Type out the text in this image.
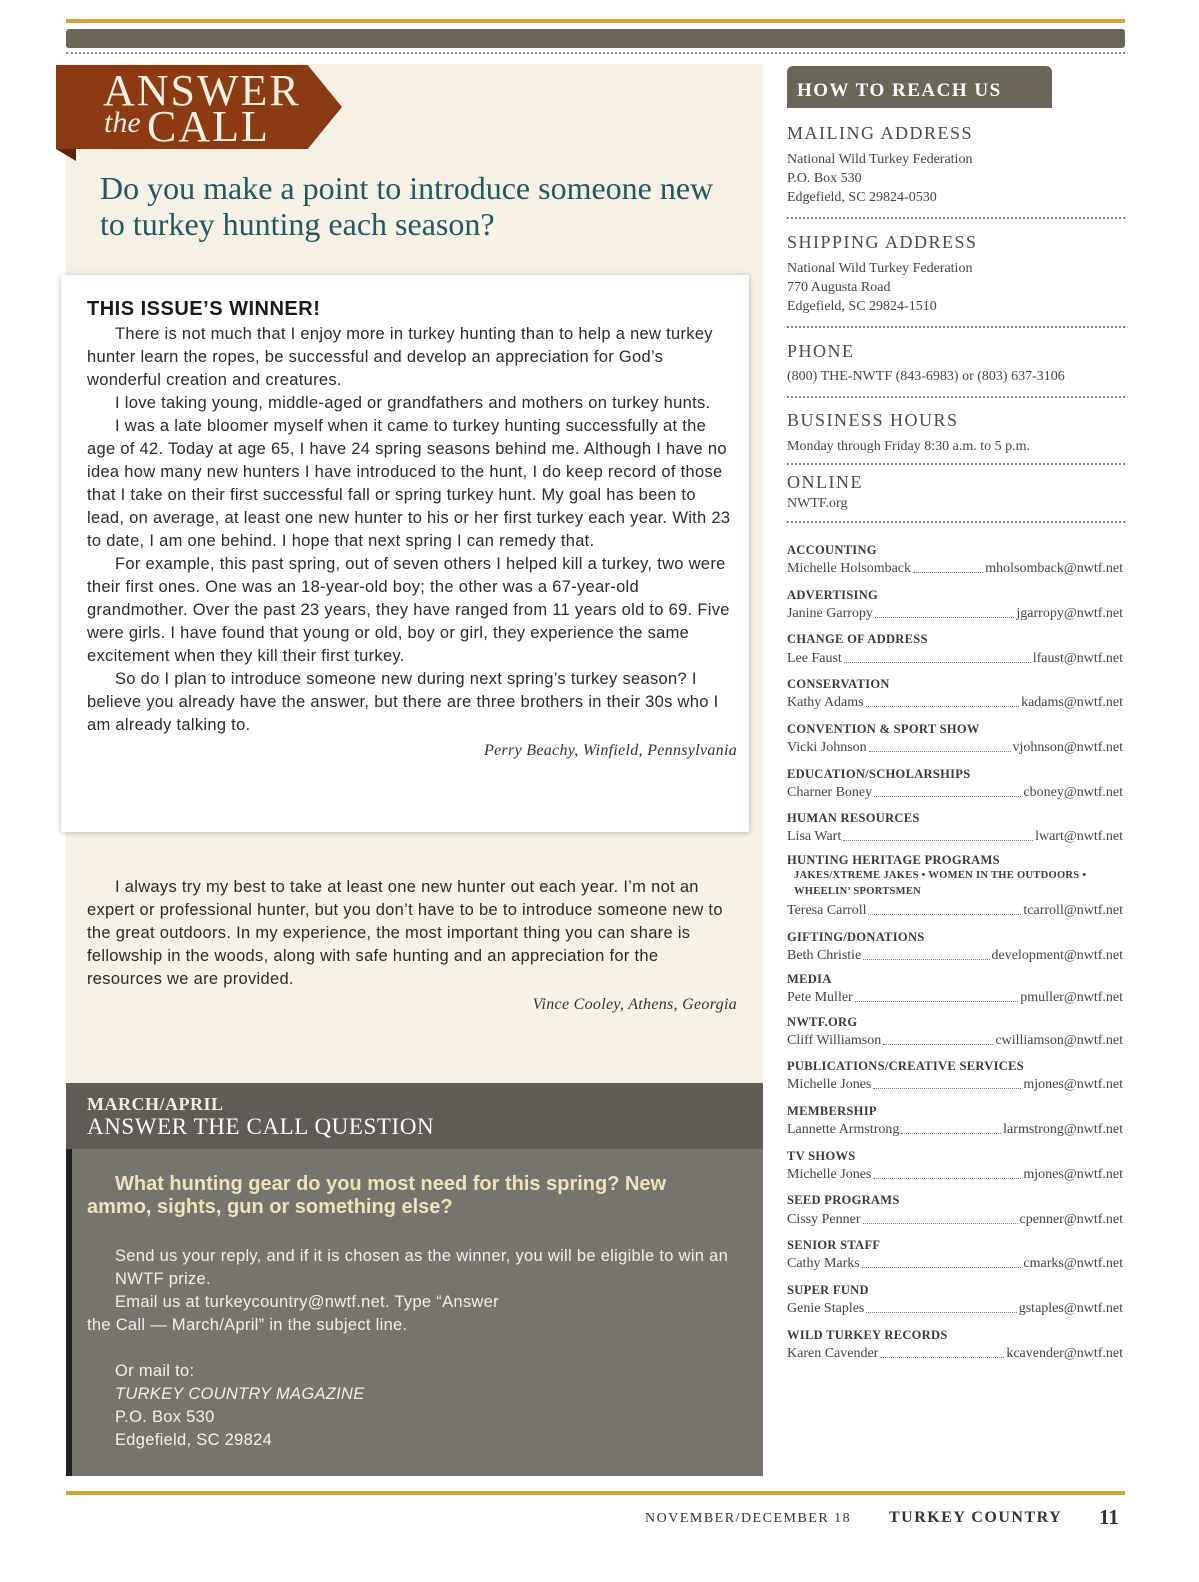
ANSWER
the CALL
Do you make a point to introduce someone new to turkey hunting each season?
THIS ISSUE’S WINNER!

There is not much that I enjoy more in turkey hunting than to help a new turkey hunter learn the ropes, be successful and develop an appreciation for God’s wonderful creation and creatures.

I love taking young, middle-aged or grandfathers and mothers on turkey hunts.

I was a late bloomer myself when it came to turkey hunting successfully at the age of 42. Today at age 65, I have 24 spring seasons behind me. Although I have no idea how many new hunters I have introduced to the hunt, I do keep record of those that I take on their first successful fall or spring turkey hunt. My goal has been to lead, on average, at least one new hunter to his or her first turkey each year. With 23 to date, I am one behind. I hope that next spring I can remedy that.

For example, this past spring, out of seven others I helped kill a turkey, two were their first ones. One was an 18-year-old boy; the other was a 67-year-old grandmother. Over the past 23 years, they have ranged from 11 years old to 69. Five were girls. I have found that young or old, boy or girl, they experience the same excitement when they kill their first turkey.

So do I plan to introduce someone new during next spring’s turkey season? I believe you already have the answer, but there are three brothers in their 30s who I am already talking to.

Perry Beachy, Winfield, Pennsylvania

I always try my best to take at least one new hunter out each year. I’m not an expert or professional hunter, but you don’t have to be to introduce someone new to the great outdoors. In my experience, the most important thing you can share is fellowship in the woods, along with safe hunting and an appreciation for the resources we are provided.

Vince Cooley, Athens, Georgia
MARCH/APRIL
ANSWER THE CALL QUESTION
What hunting gear do you most need for this spring? New ammo, sights, gun or something else?

Send us your reply, and if it is chosen as the winner, you will be eligible to win an NWTF prize.

Email us at turkeycountry@nwtf.net. Type “Answer

the Call — March/April” in the subject line.

Or mail to:

TURKEY COUNTRY MAGAZINE

P.O. Box 530

Edgefield, SC 29824

HOW TO REACH US
MAILING ADDRESS
National Wild Turkey Federation
P.O. Box 530
Edgefield, SC 29824-0530
SHIPPING ADDRESS
National Wild Turkey Federation
770 Augusta Road
Edgefield, SC 29824-1510
PHONE
(800) THE-NWTF (843-6983) or (803) 637-3106
BUSINESS HOURS
Monday through Friday 8:30 a.m. to 5 p.m.
ONLINE
NWTF.org
ACCOUNTING
Michelle Holsomback	mholsomback@nwtf.net
ADVERTISING
Janine Garropy	jgarropy@nwtf.net
CHANGE OF ADDRESS
Lee Faust	lfaust@nwtf.net
CONSERVATION
Kathy Adams	kadams@nwtf.net
CONVENTION & SPORT SHOW
Vicki Johnson	vjohnson@nwtf.net
EDUCATION/SCHOLARSHIPS
Charner Boney	cboney@nwtf.net
HUMAN RESOURCES
Lisa Wart	lwart@nwtf.net
HUNTING HERITAGE PROGRAMS
JAKES/XTREME JAKES • WOMEN IN THE OUTDOORS •
WHEELIN’ SPORTSMEN
Teresa Carroll	tcarroll@nwtf.net
GIFTING/DONATIONS
Beth Christie	development@nwtf.net
MEDIA
Pete Muller	pmuller@nwtf.net
NWTF.ORG
Cliff Williamson	cwilliamson@nwtf.net
PUBLICATIONS/CREATIVE SERVICES
Michelle Jones	mjones@nwtf.net
MEMBERSHIP
Lannette Armstrong	larmstrong@nwtf.net
TV SHOWS
Michelle Jones	mjones@nwtf.net
SEED PROGRAMS
Cissy Penner	cpenner@nwtf.net
SENIOR STAFF
Cathy Marks	cmarks@nwtf.net
SUPER FUND
Genie Staples	gstaples@nwtf.net
WILD TURKEY RECORDS
Karen Cavender	kcavender@nwtf.net
NOVEMBER/DECEMBER 18 TURKEY COUNTRY 11
